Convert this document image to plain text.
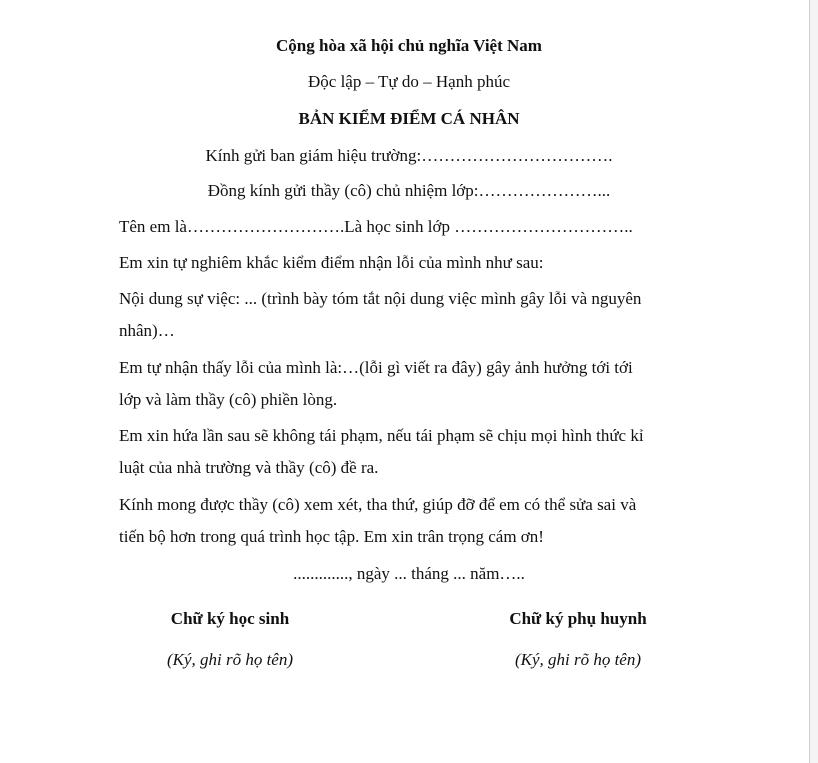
Cộng hòa xã hội chủ nghĩa Việt Nam
Độc lập – Tự do – Hạnh phúc
BẢN KIỂM ĐIỂM CÁ NHÂN
Kính gửi ban giám hiệu trường:…………………………….
Đồng kính gửi thầy (cô) chủ nhiệm lớp:…………………...
Tên em là……………………….Là học sinh lớp …………………………..
Em xin tự nghiêm khắc kiểm điểm nhận lỗi của mình như sau:
Nội dung sự việc: ... (trình bày tóm tắt nội dung việc mình gây lỗi và nguyên
nhân)…
Em tự nhận thấy lỗi của mình là:…(lỗi gì viết ra đây) gây ảnh hưởng tới tới
lớp và làm thầy (cô) phiền lòng.
Em xin hứa lần sau sẽ không tái phạm, nếu tái phạm sẽ chịu mọi hình thức kỉ
luật của nhà trường và thầy (cô) đề ra.
Kính mong được thầy (cô) xem xét, tha thứ, giúp đỡ để em có thể sửa sai và
tiến bộ hơn trong quá trình học tập. Em xin trân trọng cám ơn!
............., ngày ... tháng ... năm…..
Chữ ký học sinh	Chữ ký phụ huynh
(Ký, ghi rõ họ tên)	(Ký, ghi rõ họ tên)
